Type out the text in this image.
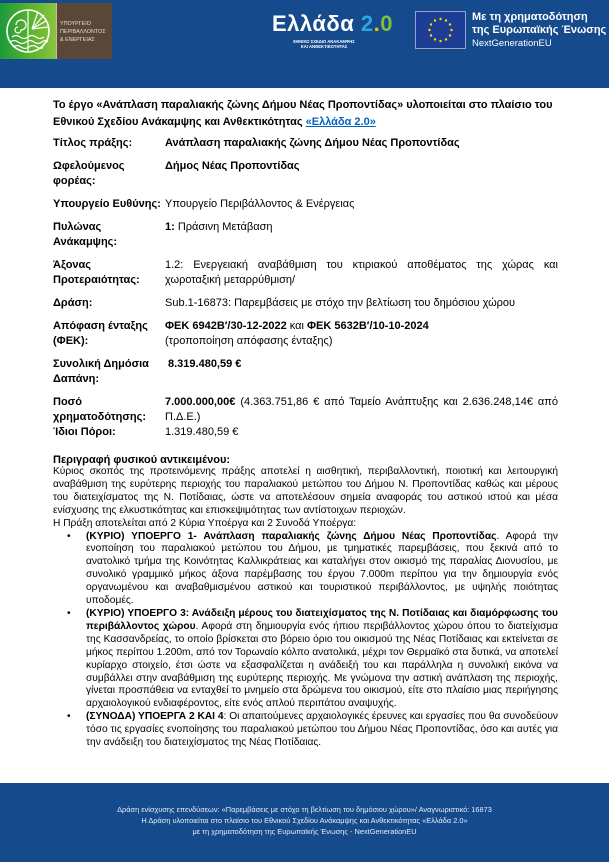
ΥΠΟΥΡΓΕΙΟ
ΠΕΡΙΒΑΛΛΟΝΤΟΣ
& ΕΝΕΡΓΕΙΑΣ
Ελλάδα 2.0
ΕΘΝΙΚΟ ΣΧΕΔΙΟ ΑΝΑΚΑΜΨΗΣ
ΚΑΙ ΑΝΘΕΚΤΙΚΟΤΗΤΑΣ
Με τη χρηματοδότηση
της Ευρωπαϊκής Ένωσης
NextGenerationEU

Το έργο «Ανάπλαση παραλιακής ζώνης Δήμου Νέας Προποντίδας» υλοποιείται στο πλαίσιο του Εθνικού Σχεδίου Ανάκαμψης και Ανθεκτικότητας «Ελλάδα 2.0»

Τίτλος πράξης:	Ανάπλαση παραλιακής ζώνης Δήμου Νέας Προποντίδας
Ωφελούμενος φορέας:
Δήμος Νέας Προποντίδας
Υπουργείο Ευθύνης: Υπουργείο Περιβάλλοντος & Ενέργειας
Πυλώνας Ανάκαμψης:
1: Πράσινη Μετάβαση
Άξονας Προτεραιότητας:
1.2: Ενεργειακή αναβάθμιση του κτιριακού αποθέματος της χώρας και χωροταξική μεταρρύθμιση/
Δράση:	Sub.1-16873: Παρεμβάσεις με στόχο την βελτίωση του δημόσιου χώρου
Απόφαση ένταξης (ΦΕΚ):
ΦΕΚ 6942Β′/30-12-2022 και ΦΕΚ 5632Β′/10-10-2024
(τροποποίηση απόφασης ένταξης)
Συνολική Δημόσια Δαπάνη:
8.319.480,59 €
Ποσό χρηματοδότησης:
7.000.000,00€ (4.363.751,86 € από Ταμείο Ανάπτυξης και 2.636.248,14€ από Π.Δ.Ε.)
Ίδιοι Πόροι:	1.319.480,59 €
Περιγραφή φυσικού αντικειμένου:

Κύριος σκοπός της προτεινόμενης πράξης αποτελεί η αισθητική, περιβαλλοντική, ποιοτική και λειτουργική αναβάθμιση της ευρύτερης περιοχής του παραλιακού μετώπου του Δήμου Ν. Προποντίδας καθώς και μέρους του διατειχίσματος της Ν. Ποτίδαιας, ώστε να αποτελέσουν σημεία αναφοράς του αστικού ιστού και μέσα ενίσχυσης της ελκυστικότητας και επισκεψιμότητας των αντίστοιχων περιοχών.

Η Πράξη αποτελείται από 2 Κύρια Υποέργα και 2 Συνοδά Υποέργα:

• (ΚΥΡΙΟ) ΥΠΟΕΡΓΟ 1- Ανάπλαση παραλιακής ζώνης Δήμου Νέας Προποντίδας. Αφορά την ενοποίηση του παραλιακού μετώπου του Δήμου, με τμηματικές παρεμβάσεις, που ξεκινά από το ανατολικό τμήμα της Κοινότητας Καλλικράτειας και καταλήγει στον οικισμό της παραλίας Διονυσίου, με συνολικό γραμμικό μήκος άξονα παρέμβασης του έργου 7.000m περίπου για την δημιουργία ενός οργανωμένου και αναβαθμισμένου αστικού και τουριστικού περιβάλλοντος, με υψηλής ποιότητας υποδομές.
• (ΚΥΡΙΟ) ΥΠΟΕΡΓΟ 3: Ανάδειξη μέρους του διατειχίσματος της Ν. Ποτίδαιας και διαμόρφωσης του περιβάλλοντος χώρου. Αφορά στη δημιουργία ενός ήπιου περιβάλλοντος χώρου όπου το διατείχισμα της Κασσανδρείας, το οποίο βρίσκεται στο βόρειο όριο του οικισμού της Νέας Ποτίδαιας και εκτείνεται σε μήκος περίπου 1.200m, από τον Τορωναίο κόλπο ανατολικά, μέχρι τον Θερμαϊκό στα δυτικά, να αποτελεί κυρίαρχο στοιχείο, έτσι ώστε να εξασφαλίζεται η ανάδειξή του και παράλληλα η συνολική εικόνα να συμβάλλει στην αναβάθμιση της ευρύτερης περιοχής. Με γνώμονα την αστική ανάπλαση της περιοχής, γίνεται προσπάθεια να ενταχθεί το μνημείο στα δρώμενα του οικισμού, είτε στο πλαίσιο μιας περιήγησης αρχαιολογικού ενδιαφέροντος, είτε ενός απλού περιπάτου αναψυχής.
• (ΣΥΝΟΔΑ) ΥΠΟΕΡΓΑ 2 ΚΑΙ 4: Οι απαιτούμενες αρχαιολογικές έρευνες και εργασίες που θα συνοδεύουν τόσο τις εργασίες ενοποίησης του παραλιακού μετώπου του Δήμου Νέας Προποντίδας, όσο και αυτές για την ανάδειξη του διατειχίσματος της Νέας Ποτίδαιας.
Δράση ενίσχυσης επενδύσεων: «Παρεμβάσεις με στόχο τη βελτίωση του δημόσιου χώρου»/ Αναγνωριστικό: 16873
Η Δράση υλοποιείται στο πλαίσιο του Εθνικού Σχεδίου Ανάκαμψης και Ανθεκτικότητας «Ελλάδα 2.0»
με τη χρηματοδότηση της Ευρωπαϊκής Ένωσης - NextGenerationEU
